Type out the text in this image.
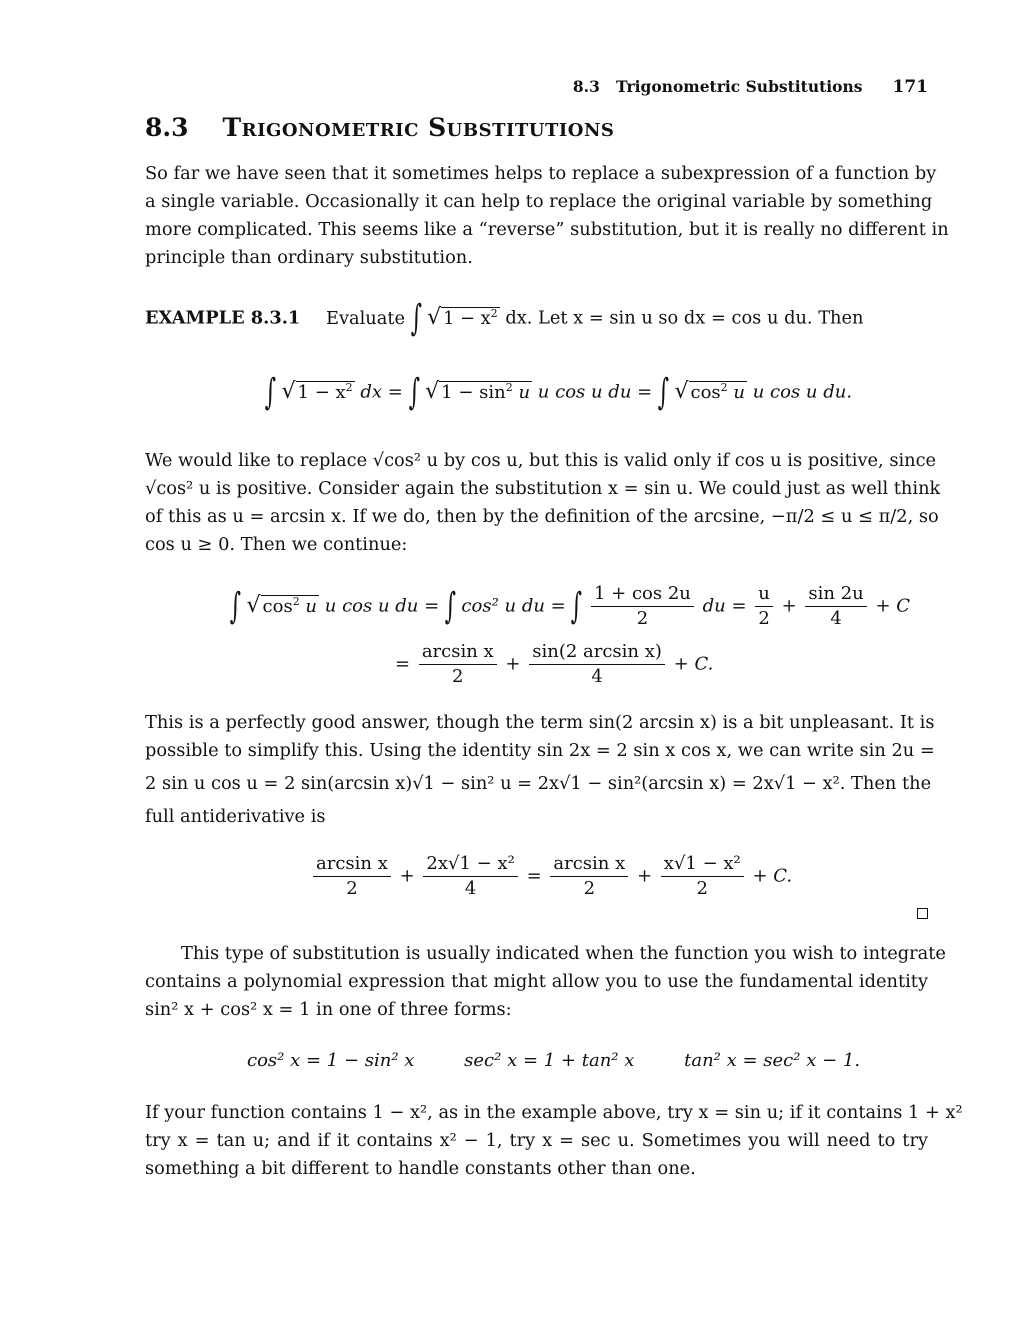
8.3   Trigonometric Substitutions 171
8.3 Trigonometric Substitutions
So far we have seen that it sometimes helps to replace a subexpression of a function by
a single variable. Occasionally it can help to replace the original variable by something
more complicated. This seems like a “reverse” substitution, but it is really no different in
principle than ordinary substitution.
EXAMPLE 8.3.1 Evaluate ∫ √ $1 - x^2$ dx. Let x = sin u so dx = cos u du. Then
∫ √ $1 - x^2$ dx = ∫ √ $1 - \sin^2 u$ u cos u du = ∫ √ $\cos^2 u$ u cos u du.
We would like to replace √cos² u by cos u, but this is valid only if cos u is positive, since
√cos² u is positive. Consider again the substitution x = sin u. We could just as well think
of this as u = arcsin x. If we do, then by the definition of the arcsine, −π/2 ≤ u ≤ π/2, so
cos u ≥ 0. Then we continue:
∫ √ $\cos^2 u$ u cos u du = ∫ cos² u du = ∫ $\frac{1 + \cos 2u}{2}$ du = $\frac{u}{2} + \frac{\sin 2u}{4} + C$
= $\frac{\text{arcsin x}}{2} + \frac{\text{sin(2 arcsin x)}}{4} + C$.
This is a perfectly good answer, though the term sin(2 arcsin x) is a bit unpleasant. It is
possible to simplify this. Using the identity sin 2x = 2 sin x cos x, we can write sin 2u =
2 sin u cos u = 2 sin(arcsin x)√1 − sin² u = 2x√1 − sin²(arcsin x) = 2x√1 − x². Then the
full antiderivative is
$\frac{\text{arcsin x}}{2} + \frac{\text{2x√1 − x²}}{4} = \frac{\text{arcsin x}}{2} + \frac{\text{x√1 − x²}}{2} + C$.
This type of substitution is usually indicated when the function you wish to integrate
contains a polynomial expression that might allow you to use the fundamental identity
sin² x + cos² x = 1 in one of three forms:
cos² x = 1 − sin² x	sec² x = 1 + tan² x	tan² x = sec² x − 1.
If your function contains 1 − x², as in the example above, try x = sin u; if it contains 1 + x²
try x = tan u; and if it contains x² − 1, try x = sec u. Sometimes you will need to try
something a bit different to handle constants other than one.
